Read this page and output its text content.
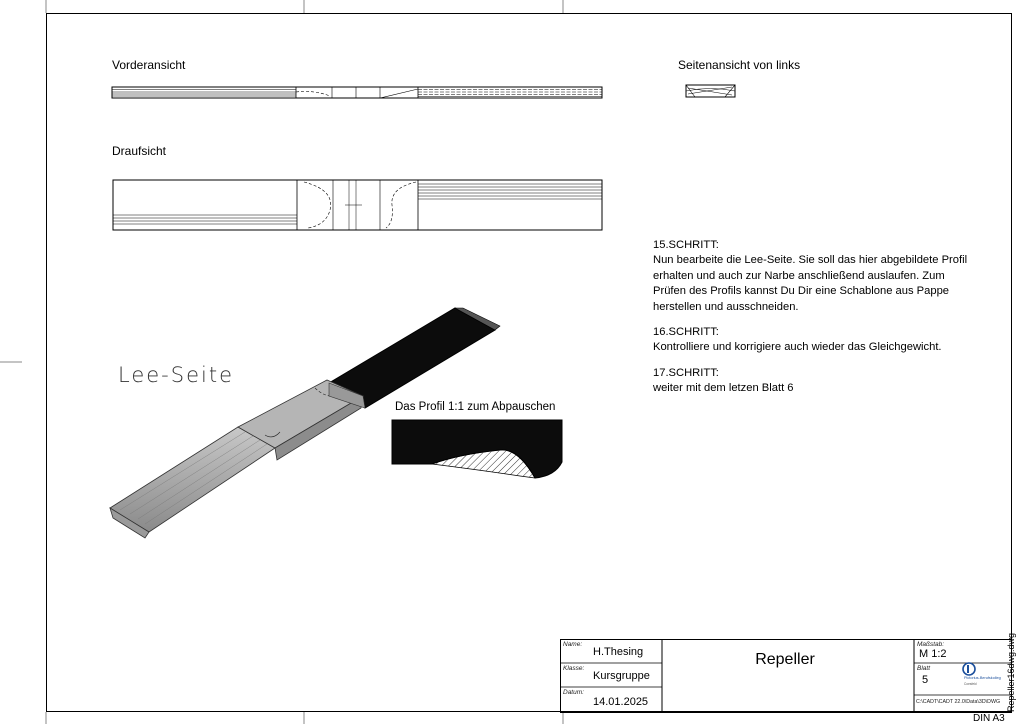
Vorderansicht	Seitenansicht von links
Draufsicht
Lee-Seite
Das Profil 1:1 zum Abpauschen
15.SCHRITT:
Nun bearbeite die Lee-Seite. Sie soll das hier abgebildete Profil erhalten und auch zur Narbe anschließend auslaufen. Zum Prüfen des Profils kannst Du Dir eine Schablone aus Pappe herstellen und ausschneiden.
16.SCHRITT:
Kontrolliere und korrigiere auch wieder das Gleichgewicht.
17.SCHRITT:
weiter mit dem letzen Blatt 6
Name:
H.Thesing
Klasse:
Kursgruppe
Datum:
14.01.2025
Repeller
Maßstab:
M 1:2
Blatt
5
C:\CADT\CADT 22.0\Data\3D\DWG
Pictorius-Berufskolleg
Coesfeld	Repeller16dwg.dwg
DIN A3
